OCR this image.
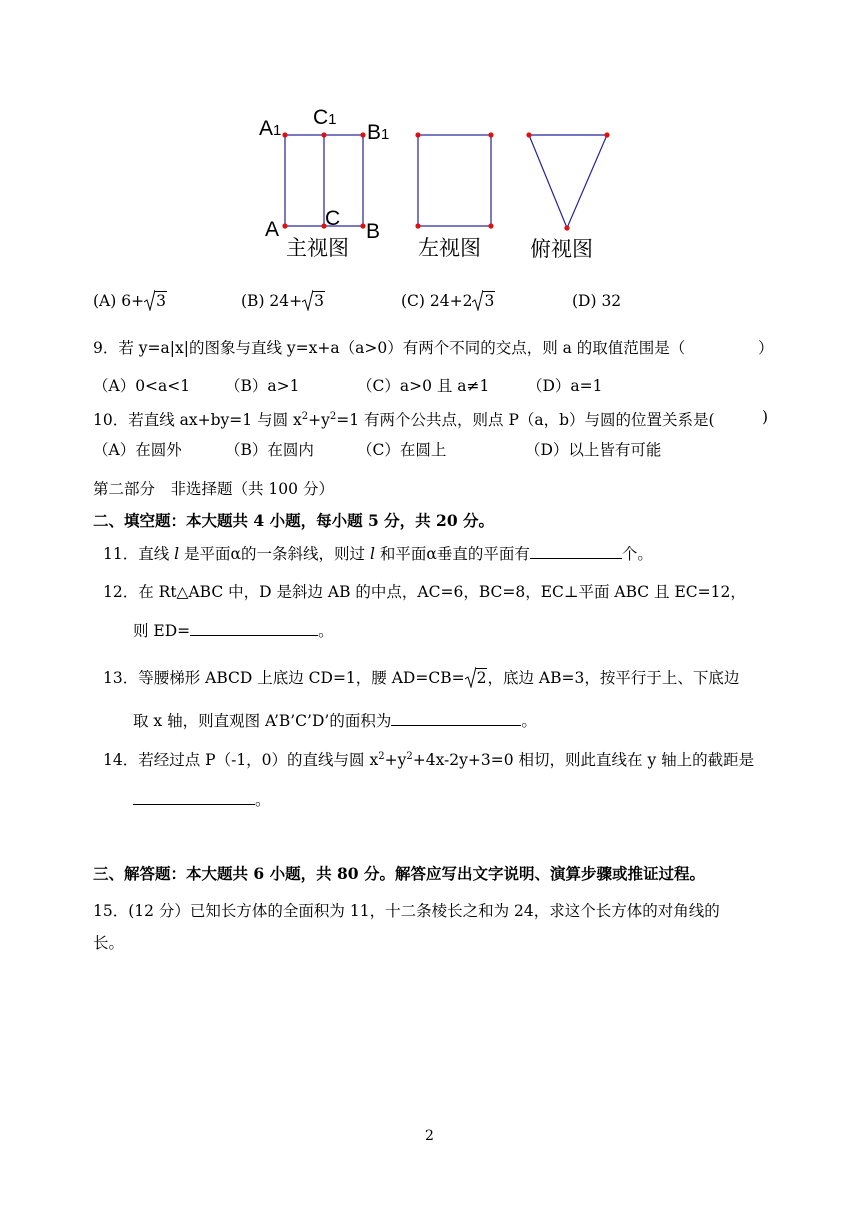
A1
C1
B1
A C
B
主视图	左视图 俯视图
(A) 6+ 3	(B) 24+ 3	(C) 24+2 3	(D) 32
9．若 y=a|x|的图象与直线 y=x+a（a>0）有两个不同的交点，则 a 的取值范围是（	）
（A）0<a<1 （B）a>1	（C）a>0 且 a≠1 （D）a=1
10．若直线 ax+by=1 与圆 $x^2+y^2=1$ 有两个公共点，则点 P（a，b）与圆的位置关系是(	)
（A）在圆外	（B）在圆内	（C）在圆上	（D）以上皆有可能
第二部分　非选择题（共 100 分）
二、填空题：本大题共 4 小题，每小题 5 分，共 20 分。
11．直线 l 是平面α的一条斜线，则过 l 和平面α垂直的平面有	个。
12．在 Rt△ABC 中，D 是斜边 AB 的中点，AC=6，BC=8，EC⊥平面 ABC 且 EC=12，
则 ED=	。
13．等腰梯形 ABCD 上底边 CD=1，腰 AD=CB= 2，底边 AB=3，按平行于上、下底边
取 x 轴，则直观图 A’B’C’D’的面积为	。
14．若经过点 P（-1，0）的直线与圆 $x^2+y^2+4x-2y+3=0$ 相切，则此直线在 y 轴上的截距是
。
三、解答题：本大题共 6 小题，共 80 分。解答应写出文字说明、演算步骤或推证过程。
15．(12 分）已知长方体的全面积为 11，十二条棱长之和为 24，求这个长方体的对角线的
长。
2
